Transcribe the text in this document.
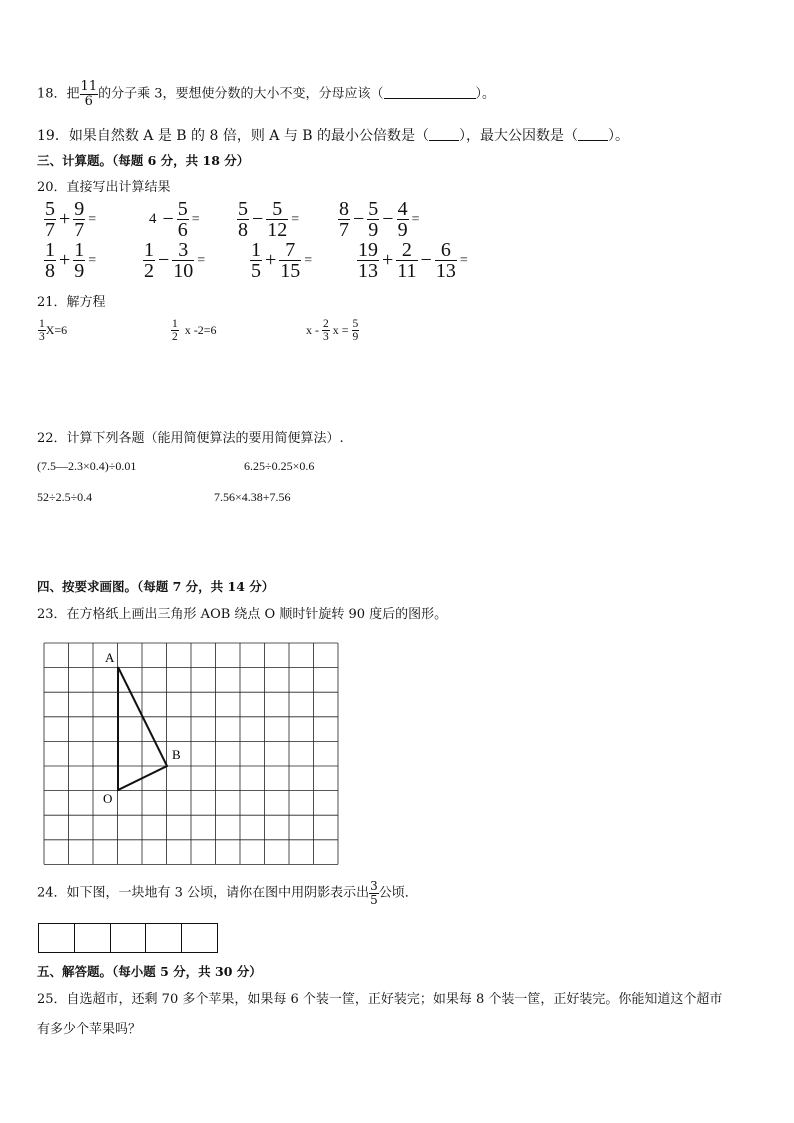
18．把 $\frac{11}{6}$ 的分子乘 3，要想使分数的大小不变，分母应该（	）。
19．如果自然数 A 是 B 的 8 倍，则 A 与 B 的最小公倍数是（ ），最大公因数是（ ）。
三、计算题。（每题 6 分，共 18 分）
20．直接写出计算结果
$\frac{5}{7} + \frac{9}{7}$ =	$4 - \frac{5}{6} = \frac{5}{8} - \frac{5}{12} = \frac{8}{7} - \frac{5}{9} - \frac{4}{9}$ =
$\frac{1}{8} + \frac{1}{9} = \frac{1}{2} - \frac{3}{10} = \frac{1}{5} + \frac{7}{15} = \frac{19}{13} + \frac{2}{11} - \frac{6}{13}$ =
21．解方程
$\frac{1}{3} X=6$	$\frac{1}{2}$ x -2=6	x - $\frac{2}{3}$ $x = \frac{5}{9}$
22．计算下列各题（能用简便算法的要用简便算法）.
(7.5—2.3×0.4)÷0.01	6.25÷0.25×0.6
52÷2.5÷0.4	7.56×4.38+7.56
四、按要求画图。（每题 7 分，共 14 分）
23．在方格纸上画出三角形 AOB 绕点 O 顺时针旋转 90 度后的图形。
A
B
O
24．如下图，一块地有 3 公顷，请你在图中用阴影表示出 $\frac{3}{5}$ 公顷．
五、解答题。（每小题 5 分，共 30 分）
25．自选超市，还剩 70 多个苹果，如果每 6 个装一筐，正好装完；如果每 8 个装一筐，正好装完。你能知道这个超市
有多少个苹果吗？
